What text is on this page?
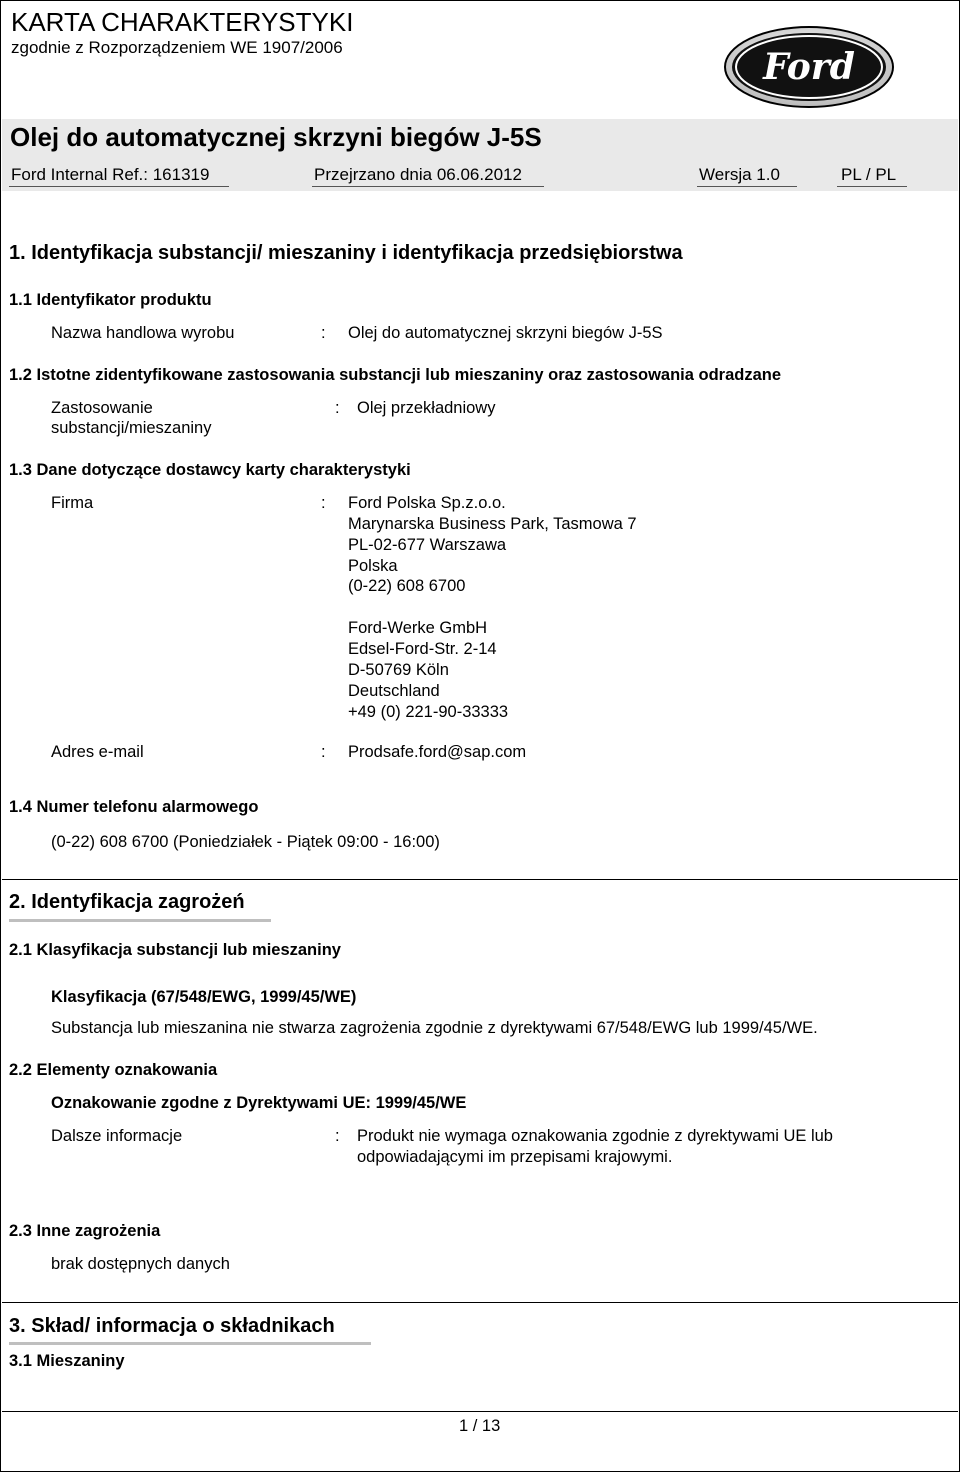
KARTA CHARAKTERYSTYKI
zgodnie z Rozporządzeniem WE 1907/2006	Ford
Olej do automatycznej skrzyni biegów J-5S
Ford Internal Ref.: 161319	Przejrzano dnia 06.06.2012	Wersja 1.0	PL / PL
1. Identyfikacja substancji/ mieszaniny i identyfikacja przedsiębiorstwa
1.1 Identyfikator produktu
Nazwa handlowa wyrobu	: Olej do automatycznej skrzyni biegów J-5S
1.2 Istotne zidentyfikowane zastosowania substancji lub mieszaniny oraz zastosowania odradzane
Zastosowanie
substancji/mieszaniny
: Olej przekładniowy
1.3 Dane dotyczące dostawcy karty charakterystyki
Firma	: Ford Polska Sp.z.o.o.
Marynarska Business Park, Tasmowa 7
PL-02-677 Warszawa
Polska
(0-22) 608 6700
Ford-Werke GmbH
Edsel-Ford-Str. 2-14
D-50769 Köln
Deutschland
+49 (0) 221-90-33333
Adres e-mail	: Prodsafe.ford@sap.com
1.4 Numer telefonu alarmowego
(0-22) 608 6700 (Poniedziałek - Piątek 09:00 - 16:00)
2. Identyfikacja zagrożeń
2.1 Klasyfikacja substancji lub mieszaniny
Klasyfikacja (67/548/EWG, 1999/45/WE)
Substancja lub mieszanina nie stwarza zagrożenia zgodnie z dyrektywami 67/548/EWG lub 1999/45/WE.
2.2 Elementy oznakowania
Oznakowanie zgodne z Dyrektywami UE: 1999/45/WE
Dalsze informacje	: Produkt nie wymaga oznakowania zgodnie z dyrektywami UE lub
odpowiadającymi im przepisami krajowymi.
2.3 Inne zagrożenia
brak dostępnych danych
3. Skład/ informacja o składnikach
3.1 Mieszaniny
1 / 13
